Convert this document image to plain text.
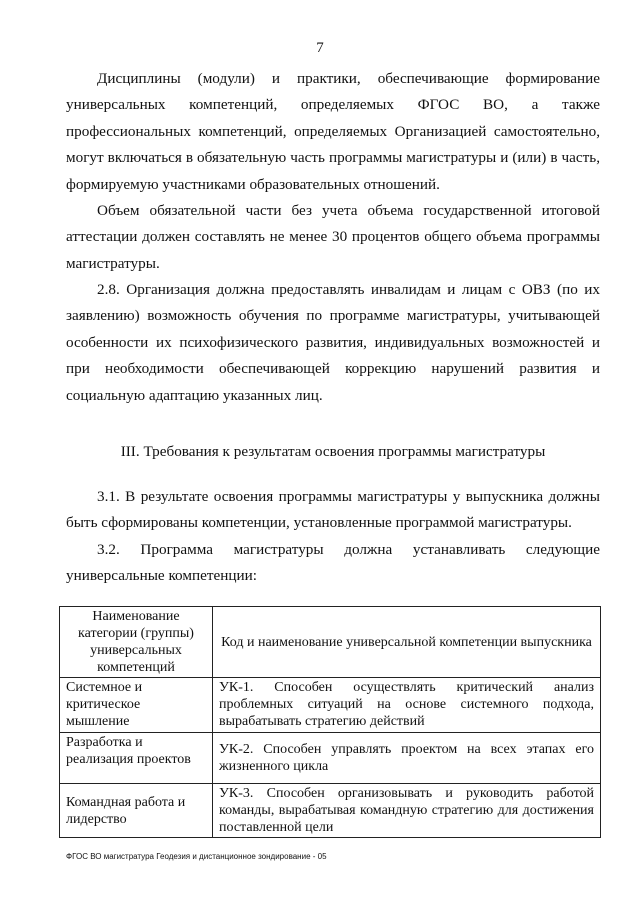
7

Дисциплины (модули) и практики, обеспечивающие формирование универсальных компетенций, определяемых ФГОС ВО, а также профессиональных компетенций, определяемых Организацией самостоятельно, могут включаться в обязательную часть программы магистратуры и (или) в часть, формируемую участниками образовательных отношений.

Объем обязательной части без учета объема государственной итоговой аттестации должен составлять не менее 30 процентов общего объема программы магистратуры.

2.8. Организация должна предоставлять инвалидам и лицам с ОВЗ (по их заявлению) возможность обучения по программе магистратуры, учитывающей особенности их психофизического развития, индивидуальных возможностей и при необходимости обеспечивающей коррекцию нарушений развития и социальную адаптацию указанных лиц.

III. Требования к результатам освоения программы магистратуры

3.1. В результате освоения программы магистратуры у выпускника должны быть сформированы компетенции, установленные программой магистратуры.

3.2. Программа магистратуры должна устанавливать следующие универсальные компетенции:

Наименование категории (группы) универсальных компетенций	Код и наименование универсальной компетенции выпускника
Системное и критическое мышление	УК-1. Способен осуществлять критический анализ проблемных ситуаций на основе системного подхода, вырабатывать стратегию действий
Разработка и реализация проектов	УК-2. Способен управлять проектом на всех этапах его жизненного цикла
Командная работа и лидерство	УК-3. Способен организовывать и руководить работой команды, вырабатывая командную стратегию для достижения поставленной цели
ФГОС ВО магистратура Геодезия и дистанционное зондирование - 05
